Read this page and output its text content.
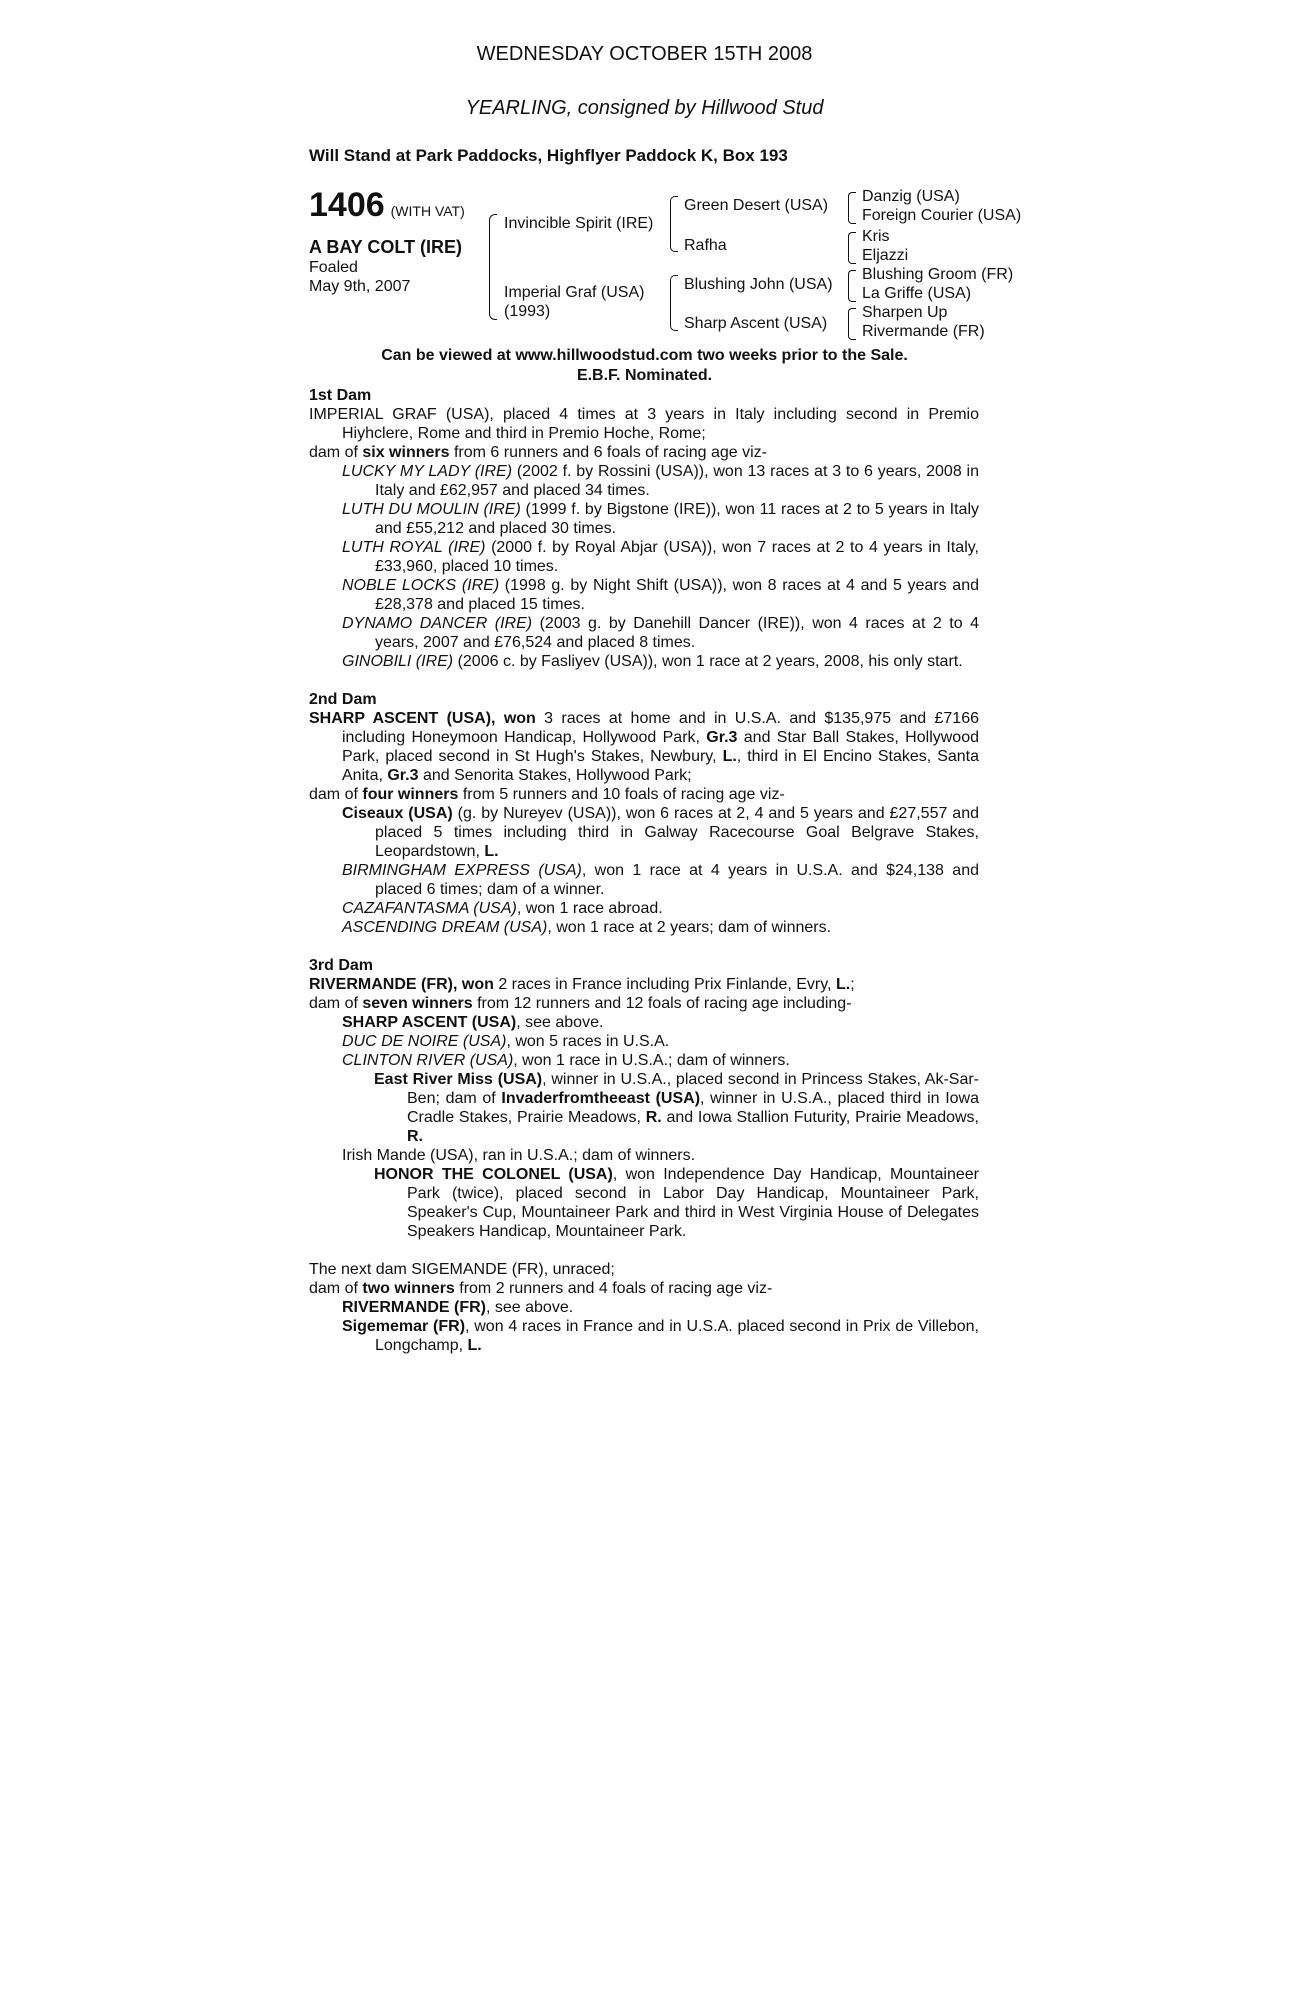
WEDNESDAY OCTOBER 15TH 2008
YEARLING, consigned by Hillwood Stud
Will Stand at Park Paddocks, Highflyer Paddock K, Box 193
1406 (WITH VAT)
A BAY COLT (IRE)
Foaled
May 9th, 2007
Invincible Spirit (IRE)
Imperial Graf (USA)
(1993)
Green Desert (USA)
Rafha
Blushing John (USA)
Sharp Ascent (USA)
Danzig (USA)
Foreign Courier (USA)
Kris
Eljazzi
Blushing Groom (FR)
La Griffe (USA)
Sharpen Up
Rivermande (FR)
Can be viewed at www.hillwoodstud.com two weeks prior to the Sale.
E.B.F. Nominated.

1st Dam

IMPERIAL GRAF (USA), placed 4 times at 3 years in Italy including second in Premio Hiyhclere, Rome and third in Premio Hoche, Rome;

dam of six winners from 6 runners and 6 foals of racing age viz-

LUCKY MY LADY (IRE) (2002 f. by Rossini (USA)), won 13 races at 3 to 6 years, 2008 in Italy and £62,957 and placed 34 times.

LUTH DU MOULIN (IRE) (1999 f. by Bigstone (IRE)), won 11 races at 2 to 5 years in Italy and £55,212 and placed 30 times.

LUTH ROYAL (IRE) (2000 f. by Royal Abjar (USA)), won 7 races at 2 to 4 years in Italy, £33,960, placed 10 times.

NOBLE LOCKS (IRE) (1998 g. by Night Shift (USA)), won 8 races at 4 and 5 years and £28,378 and placed 15 times.

DYNAMO DANCER (IRE) (2003 g. by Danehill Dancer (IRE)), won 4 races at 2 to 4 years, 2007 and £76,524 and placed 8 times.

GINOBILI (IRE) (2006 c. by Fasliyev (USA)), won 1 race at 2 years, 2008, his only start.

2nd Dam

SHARP ASCENT (USA), won 3 races at home and in U.S.A. and $135,975 and £7166 including Honeymoon Handicap, Hollywood Park, Gr.3 and Star Ball Stakes, Hollywood Park, placed second in St Hugh's Stakes, Newbury, L., third in El Encino Stakes, Santa Anita, Gr.3 and Senorita Stakes, Hollywood Park;

dam of four winners from 5 runners and 10 foals of racing age viz-

Ciseaux (USA) (g. by Nureyev (USA)), won 6 races at 2, 4 and 5 years and £27,557 and placed 5 times including third in Galway Racecourse Goal Belgrave Stakes, Leopardstown, L.

BIRMINGHAM EXPRESS (USA), won 1 race at 4 years in U.S.A. and $24,138 and placed 6 times; dam of a winner.

CAZAFANTASMA (USA), won 1 race abroad.

ASCENDING DREAM (USA), won 1 race at 2 years; dam of winners.

3rd Dam

RIVERMANDE (FR), won 2 races in France including Prix Finlande, Evry, L.;

dam of seven winners from 12 runners and 12 foals of racing age including-

SHARP ASCENT (USA), see above.

DUC DE NOIRE (USA), won 5 races in U.S.A.

CLINTON RIVER (USA), won 1 race in U.S.A.; dam of winners.

East River Miss (USA), winner in U.S.A., placed second in Princess Stakes, Ak-Sar-Ben; dam of Invaderfromtheeast (USA), winner in U.S.A., placed third in Iowa Cradle Stakes, Prairie Meadows, R. and Iowa Stallion Futurity, Prairie Meadows, R.

Irish Mande (USA), ran in U.S.A.; dam of winners.

HONOR THE COLONEL (USA), won Independence Day Handicap, Mountaineer Park (twice), placed second in Labor Day Handicap, Mountaineer Park, Speaker's Cup, Mountaineer Park and third in West Virginia House of Delegates Speakers Handicap, Mountaineer Park.

The next dam SIGEMANDE (FR), unraced;

dam of two winners from 2 runners and 4 foals of racing age viz-

RIVERMANDE (FR), see above.

Sigememar (FR), won 4 races in France and in U.S.A. placed second in Prix de Villebon, Longchamp, L.
